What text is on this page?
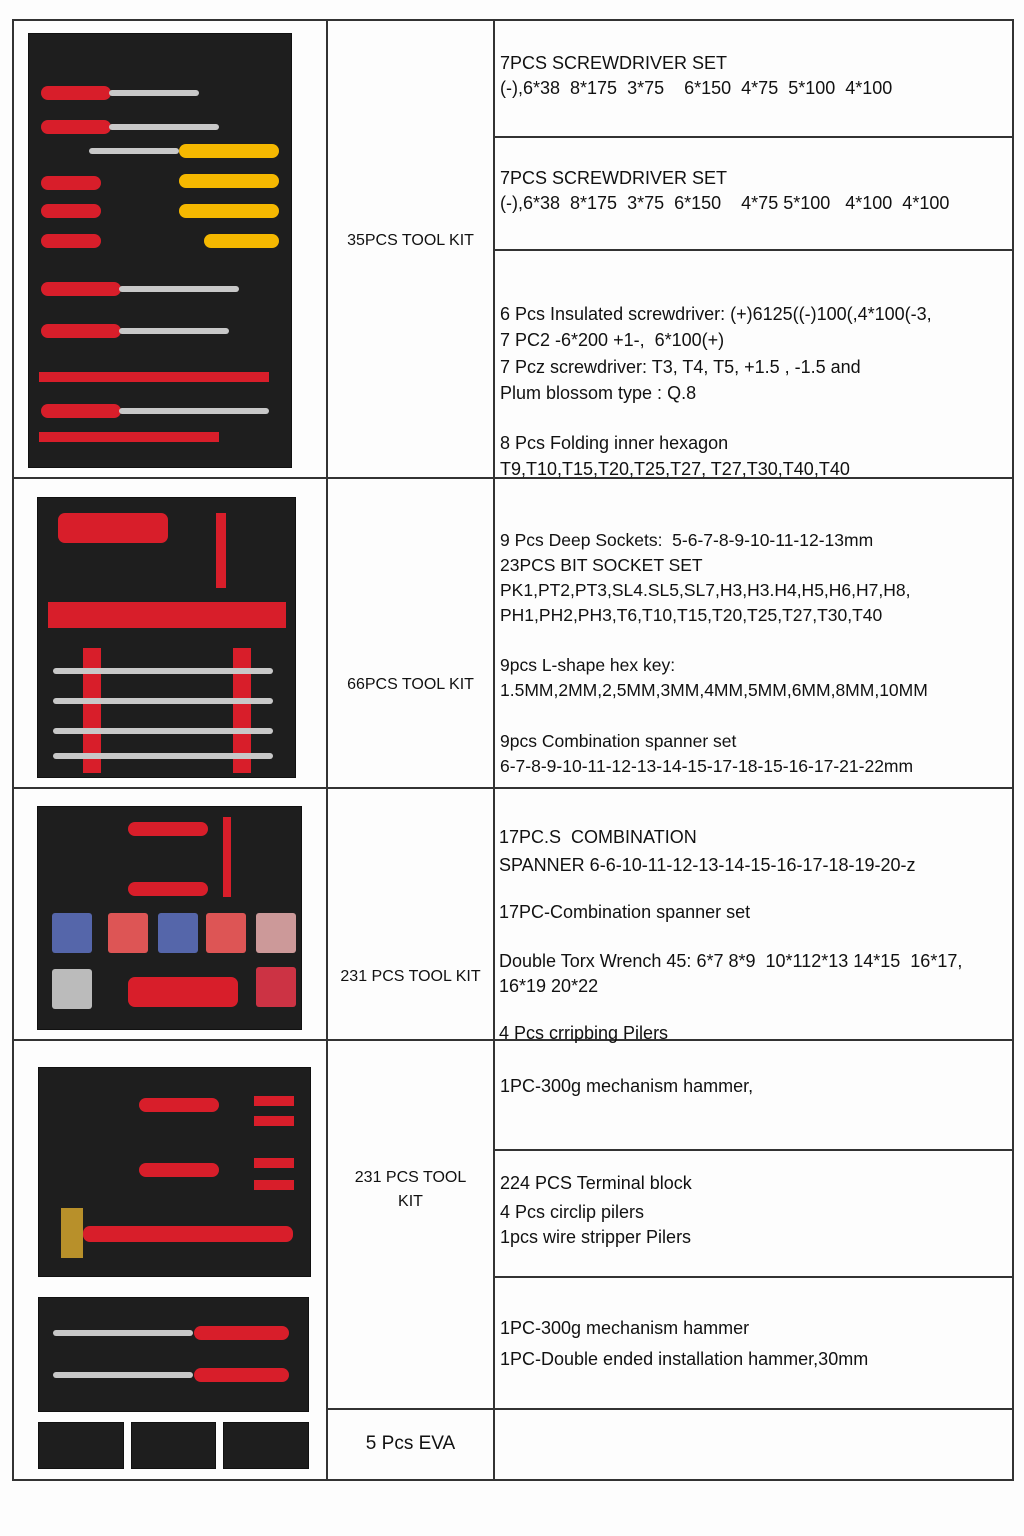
35PCS TOOL KIT
66PCS TOOL KIT
231 PCS TOOL KIT
231 PCS TOOL
KIT
5 Pcs EVA
7PCS SCREWDRIVER SET
(-),6*38  8*175  3*75    6*150  4*75  5*100  4*100
7PCS SCREWDRIVER SET
(-),6*38  8*175  3*75  6*150    4*75 5*100   4*100  4*100

6 Pcs Insulated screwdriver: (+)6125((-)100(,4*100(-3,
7 PC2 -6*200 +1-,  6*100(+)
7 Pcz screwdriver: T3, T4, T5, +1.5 , -1.5 and
Plum blossom type : Q.8
8 Pcs Folding inner hexagon
T9,T10,T15,T20,T25,T27, T27,T30,T40,T40

9 Pcs Deep Sockets:  5-6-7-8-9-10-11-12-13mm
23PCS BIT SOCKET SET
PK1,PT2,PT3,SL4.SL5,SL7,H3,H3.H4,H5,H6,H7,H8,
PH1,PH2,PH3,T6,T10,T15,T20,T25,T27,T30,T40
9pcs L-shape hex key:
1.5MM,2MM,2,5MM,3MM,4MM,5MM,6MM,8MM,10MM
9pcs Combination spanner set
6-7-8-9-10-11-12-13-14-15-17-18-15-16-17-21-22mm

17PC.S  COMBINATION
SPANNER 6-6-10-11-12-13-14-15-16-17-18-19-20-z
17PC-Combination spanner set
Double Torx Wrench 45: 6*7 8*9  10*112*13 14*15  16*17,
16*19 20*22
4 Pcs crripbing Pilers
1PC-300g mechanism hammer,
224 PCS Terminal block
4 Pcs circlip pilers
1pcs wire stripper Pilers
1PC-300g mechanism hammer
1PC-Double ended installation hammer,30mm
